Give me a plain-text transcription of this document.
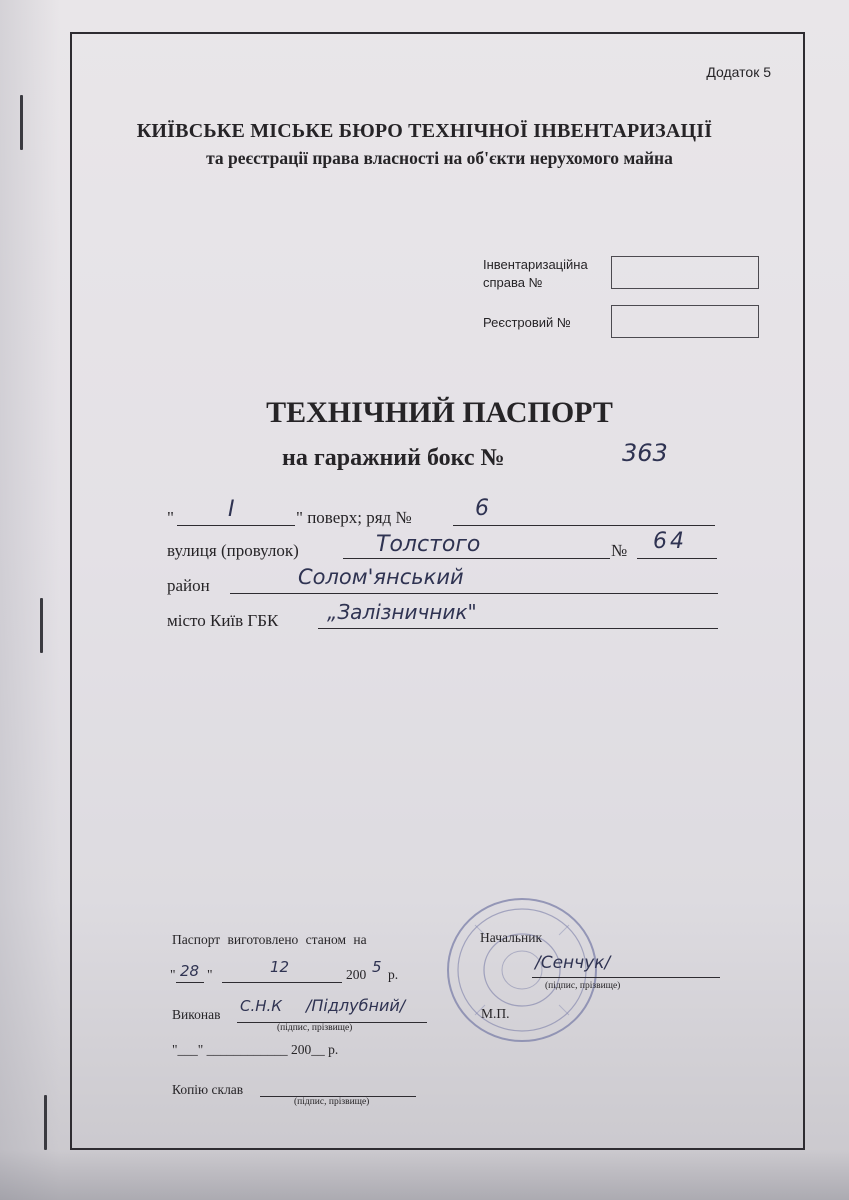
Додаток 5
КИЇВСЬКЕ МІСЬКЕ БЮРО ТЕХНІЧНОЇ ІНВЕНТАРИЗАЦІЇ
та реєстрації права власності на об'єкти нерухомого майна
Інвентаризаційна
справа №
Реєстровий №
ТЕХНІЧНИЙ ПАСПОРТ
на гаражний бокс №	363
" I	" поверх; ряд №	6
вулиця (провулок)	Толстого	№ 64
район	Солом'янський
місто Київ ГБК „Залізничник"
Паспорт виготовлено станом на
" 28 "	12	200 5 р.
Виконав С.Н.К /Підлубний/
(підпис, прізвище)
"___" ____________ 200__ р.
Копію склав
(підпис, прізвище)
Начальник
/Сенчук/
(підпис, прізвище)
М.П.
